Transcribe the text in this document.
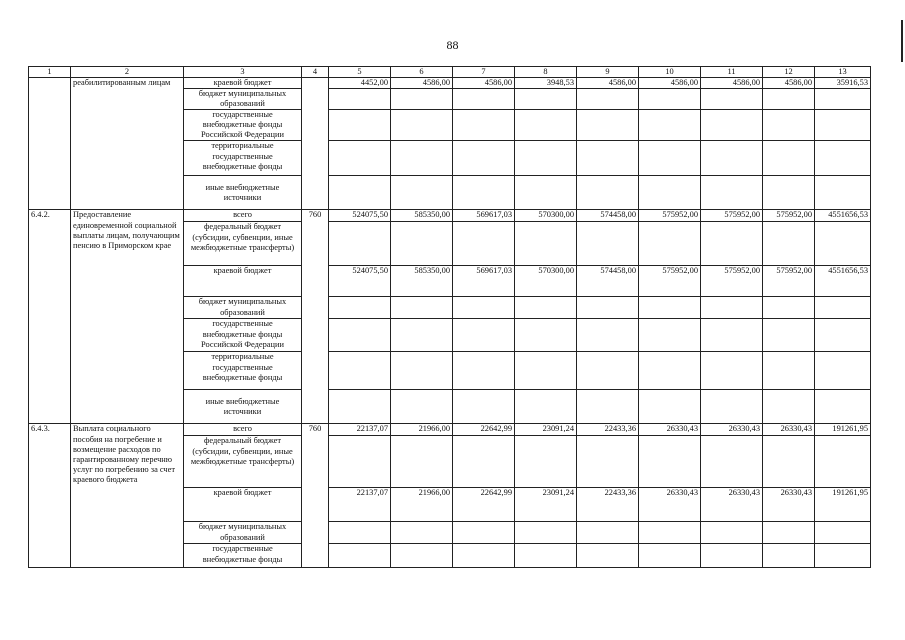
88
1	2	3	4	5	6	7	8	9	10	11	12	13
	реабилитированным лицам	краевой бюджет		4452,00	4586,00	4586,00	3948,53	4586,00	4586,00	4586,00	4586,00	35916,53
		бюджет муниципальных образований										
		государственные внебюджетные фонды Российской Федерации										
		территориальные государственные внебюджетные фонды										
		иные внебюджетные источники										
6.4.2.	Предоставление единовременной социальной выплаты лицам, получающим пенсию в Приморском крае	всего	760	524075,50	585350,00	569617,03	570300,00	574458,00	575952,00	575952,00	575952,00	4551656,53
		федеральный бюджет (субсидии, субвенции, иные межбюджетные трансферты)										
		краевой бюджет		524075,50	585350,00	569617,03	570300,00	574458,00	575952,00	575952,00	575952,00	4551656,53
		бюджет муниципальных образований										
		государственные внебюджетные фонды Российской Федерации										
		территориальные государственные внебюджетные фонды										
		иные внебюджетные источники										
6.4.3.	Выплата социального пособия на погребение и возмещение расходов по гарантированному перечню услуг по погребению за счет краевого бюджета	всего	760	22137,07	21966,00	22642,99	23091,24	22433,36	26330,43	26330,43	26330,43	191261,95
		федеральный бюджет (субсидии, субвенции, иные межбюджетные трансферты)										
		краевой бюджет		22137,07	21966,00	22642,99	23091,24	22433,36	26330,43	26330,43	26330,43	191261,95
		бюджет муниципальных образований										
		государственные внебюджетные фонды										
